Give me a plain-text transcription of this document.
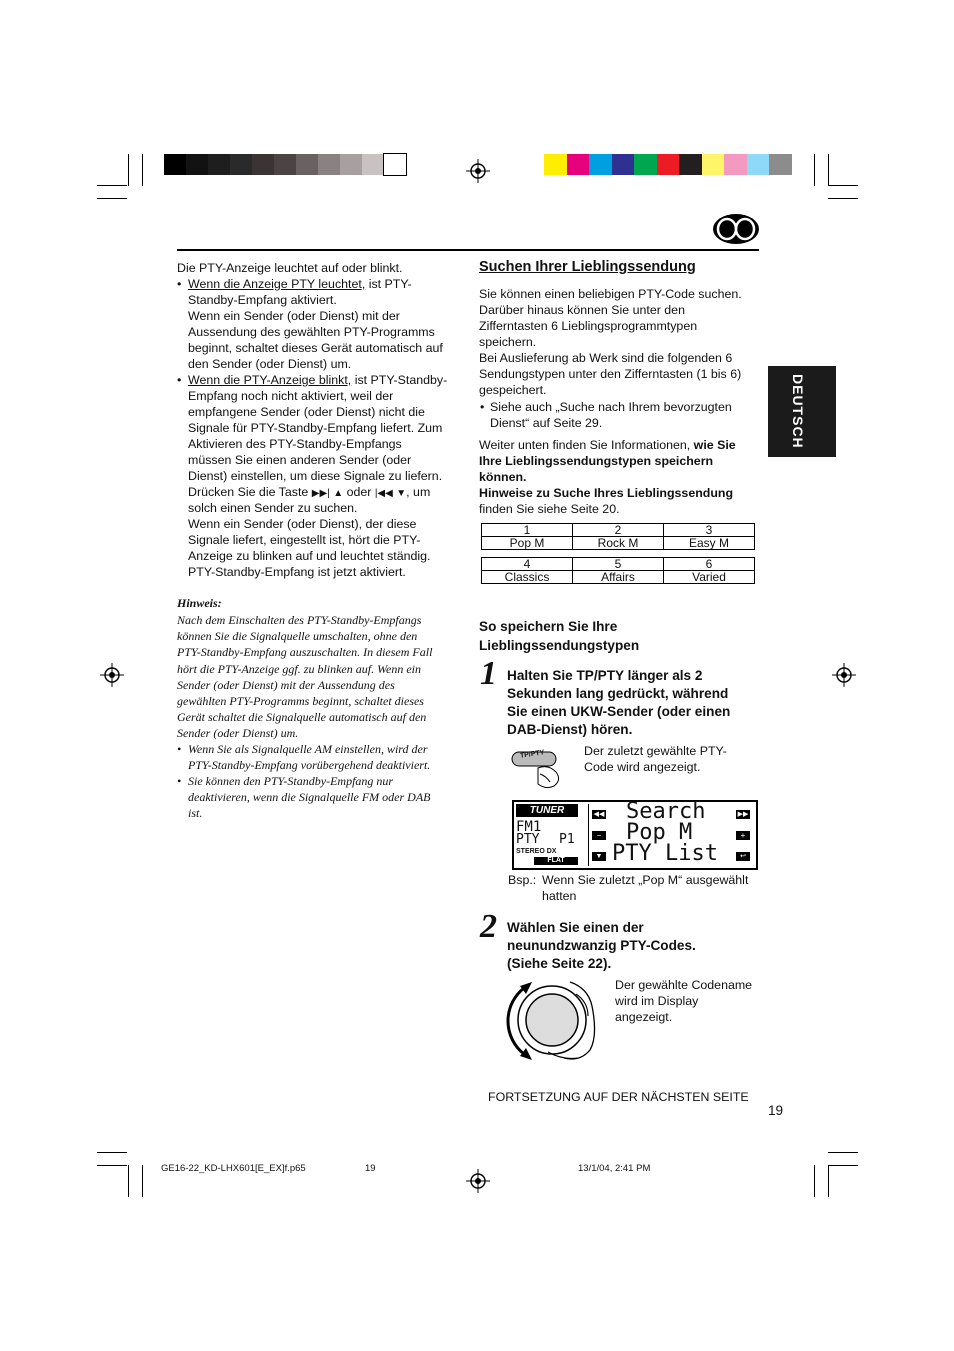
DEUTSCH
Die PTY-Anzeige leuchtet auf oder blinkt.
• Wenn die Anzeige PTY leuchtet, ist PTY-
Standby-Empfang aktiviert.
Wenn ein Sender (oder Dienst) mit der
Aussendung des gewählten PTY-Programms
beginnt, schaltet dieses Gerät automatisch auf
den Sender (oder Dienst) um.
• Wenn die PTY-Anzeige blinkt, ist PTY-Standby-
Empfang noch nicht aktiviert, weil der
empfangene Sender (oder Dienst) nicht die
Signale für PTY-Standby-Empfang liefert. Zum
Aktivieren des PTY-Standby-Empfangs
müssen Sie einen anderen Sender (oder
Dienst) einstellen, um diese Signale zu liefern.
Drücken Sie die Taste ▶▶| ▲ oder |◀◀ ▼, um
solch einen Sender zu suchen.
Wenn ein Sender (oder Dienst), der diese
Signale liefert, eingestellt ist, hört die PTY-
Anzeige zu blinken auf und leuchtet ständig.
PTY-Standby-Empfang ist jetzt aktiviert.
Hinweis:
Nach dem Einschalten des PTY-Standby-Empfangs
können Sie die Signalquelle umschalten, ohne den
PTY-Standby-Empfang auszuschalten. In diesem Fall
hört die PTY-Anzeige ggf. zu blinken auf. Wenn ein
Sender (oder Dienst) mit der Aussendung des
gewählten PTY-Programms beginnt, schaltet dieses
Gerät schaltet die Signalquelle automatisch auf den
Sender (oder Dienst) um.
•
•
Wenn Sie als Signalquelle AM einstellen, wird der
PTY-Standby-Empfang vorübergehend deaktiviert.
Sie können den PTY-Standby-Empfang nur
deaktivieren, wenn die Signalquelle FM oder DAB
ist.
Suchen Ihrer Lieblingssendung
Sie können einen beliebigen PTY-Code suchen.
Darüber hinaus können Sie unter den
Zifferntasten 6 Lieblingsprogrammtypen
speichern.
Bei Auslieferung ab Werk sind die folgenden 6
Sendungstypen unter den Zifferntasten (1 bis 6)
gespeichert.
• Siehe auch „Suche nach Ihrem bevorzugten
Dienst“ auf Seite 29.
Weiter unten finden Sie Informationen, wie Sie
Ihre Lieblingssendungstypen speichern
können.
Hinweise zu Suche Ihres Lieblingssendung
finden Sie siehe Seite 20.
1	2	3
Pop M	Rock M	Easy M
4	5	6
Classics	Affairs	Varied
So speichern Sie Ihre
Lieblingssendungstypen
1 Halten Sie TP/PTY länger als 2
Sekunden lang gedrückt, während
Sie einen UKW-Sender (oder einen
DAB-Dienst) hören.
TP/PTY	Der zuletzt gewählte PTY-
Code wird angezeigt.
TUNER
FM1
PTY P1
STEREO DX
FLAT
◀◀
−
▼
Search
Pop M
PTY List
▶▶
+
↩
Bsp.: Wenn Sie zuletzt „Pop M“ ausgewählt
hatten
2 Wählen Sie einen der
neunundzwanzig PTY-Codes.
(Siehe Seite 22).
Der gewählte Codename
wird im Display
angezeigt.
FORTSETZUNG AUF DER NÄCHSTEN SEITE
19
GE16-22_KD-LHX601[E_EX]f.p65	19	13/1/04, 2:41 PM
